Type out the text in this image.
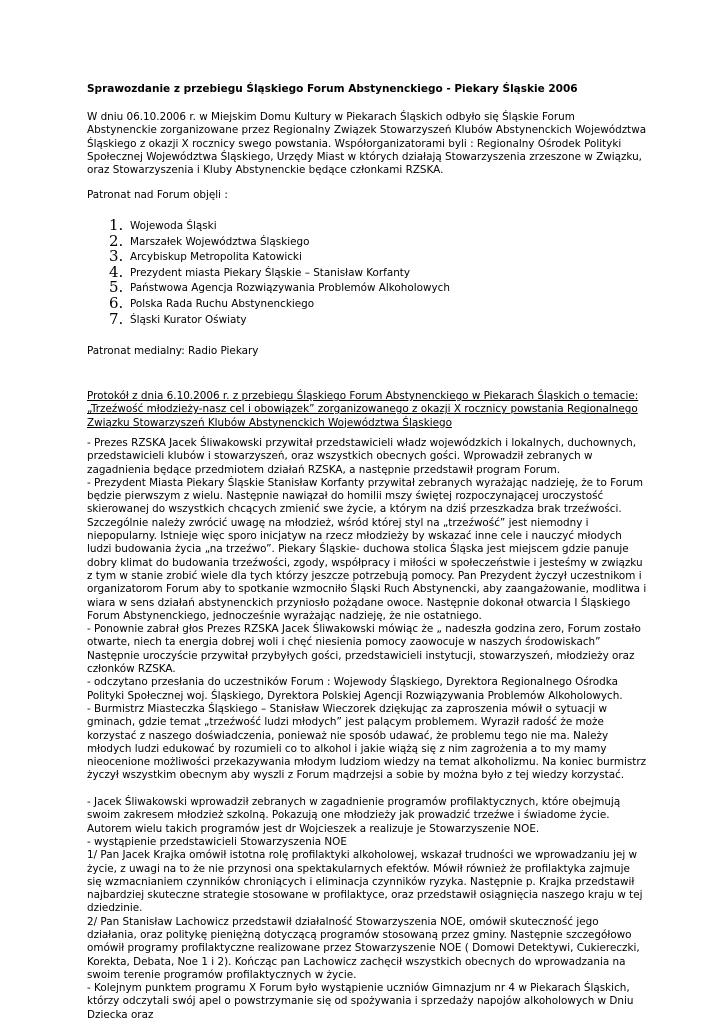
Sprawozdanie z przebiegu Śląskiego Forum Abstynenckiego - Piekary Śląskie 2006

W dniu 06.10.2006 r. w Miejskim Domu Kultury w Piekarach Śląskich odbyło się Śląskie Forum Abstynenckie zorganizowane przez Regionalny Związek Stowarzyszeń Klubów Abstynenckich Województwa Śląskiego z okazji X rocznicy swego powstania. Współorganizatorami byli : Regionalny Ośrodek Polityki Społecznej Województwa Śląskiego, Urzędy Miast w których działają Stowarzyszenia zrzeszone w Związku, oraz Stowarzyszenia i Kluby Abstynenckie będące członkami RZSKA.

Patronat nad Forum objęli :
1. Wojewoda Śląski
2. Marszałek Województwa Śląskiego
3. Arcybiskup Metropolita Katowicki
4. Prezydent miasta Piekary Śląskie – Stanisław Korfanty
5. Państwowa Agencja Rozwiązywania Problemów Alkoholowych
6. Polska Rada Ruchu Abstynenckiego
7. Śląski Kurator Oświaty
Patronat medialny: Radio Piekary

Protokół z dnia 6.10.2006 r. z przebiegu Śląskiego Forum Abstynenckiego w Piekarach Śląskich o temacie: „Trzeźwość młodzieży-nasz cel i obowiązek” zorganizowanego z okazji X rocznicy powstania Regionalnego Związku Stowarzyszeń Klubów Abstynenckich Województwa Śląskiego

- Prezes RZSKA Jacek Śliwakowski przywitał przedstawicieli władz wojewódzkich i lokalnych, duchownych, przedstawicieli klubów i stowarzyszeń, oraz wszystkich obecnych gości. Wprowadził zebranych w zagadnienia będące przedmiotem działań RZSKA, a następnie przedstawił program Forum.

- Prezydent Miasta Piekary Śląskie Stanisław Korfanty przywitał zebranych wyrażając nadzieję, że to Forum będzie pierwszym z wielu. Następnie nawiązał do homilii mszy świętej rozpoczynającej uroczystość skierowanej do wszystkich chcących zmienić swe życie, a którym na dziś przeszkadza brak trzeźwości. Szczególnie należy zwrócić uwagę na młodzież, wśród której styl na „trzeźwość” jest niemodny i niepopularny. Istnieje więc sporo inicjatyw na rzecz młodzieży by wskazać inne cele i nauczyć młodych ludzi budowania życia „na trzeźwo”. Piekary Śląskie- duchowa stolica Śląska jest miejscem gdzie panuje dobry klimat do budowania trzeźwości, zgody, współpracy i miłości w społeczeństwie i jesteśmy w związku z tym w stanie zrobić wiele dla tych którzy jeszcze potrzebują pomocy. Pan Prezydent życzył uczestnikom i organizatorom Forum aby to spotkanie wzmocniło Śląski Ruch Abstynencki, aby zaangażowanie, modlitwa i wiara w sens działań abstynenckich przyniosło pożądane owoce. Następnie dokonał otwarcia I Śląskiego Forum Abstynenckiego, jednocześnie wyrażając nadzieję, że nie ostatniego.

- Ponownie zabrał głos Prezes RZSKA Jacek Śliwakowski mówiąc że „ nadeszła godzina zero, Forum zostało otwarte, niech ta energia dobrej woli i chęć niesienia pomocy zaowocuje w naszych środowiskach” Następnie uroczyście przywitał przybyłych gości, przedstawicieli instytucji, stowarzyszeń, młodzieży oraz członków RZSKA.

- odczytano przesłania do uczestników Forum : Wojewody Śląskiego, Dyrektora Regionalnego Ośrodka Polityki Społecznej woj. Śląskiego, Dyrektora Polskiej Agencji Rozwiązywania Problemów Alkoholowych.

- Burmistrz Miasteczka Śląskiego – Stanisław Wieczorek dziękując za zaproszenia mówił o sytuacji w gminach, gdzie temat „trzeźwość ludzi młodych” jest palącym problemem. Wyraził radość że może korzystać z naszego doświadczenia, ponieważ nie sposób udawać, że problemu tego nie ma. Należy młodych ludzi edukować by rozumieli co to alkohol i jakie wiążą się z nim zagrożenia a to my mamy nieocenione możliwości przekazywania młodym ludziom wiedzy na temat alkoholizmu. Na koniec burmistrz życzył wszystkim obecnym aby wyszli z Forum mądrzejsi a sobie by można było z tej wiedzy korzystać.

- Jacek Śliwakowski wprowadził zebranych w zagadnienie programów profilaktycznych, które obejmują swoim zakresem młodzież szkolną. Pokazują one młodzieży jak prowadzić trzeźwe i świadome życie. Autorem wielu takich programów jest dr Wojcieszek a realizuje je Stowarzyszenie NOE.

- wystąpienie przedstawicieli Stowarzyszenia NOE

1/ Pan Jacek Krajka omówił istotna rolę profilaktyki alkoholowej, wskazał trudności we wprowadzaniu jej w życie, z uwagi na to że nie przynosi ona spektakularnych efektów. Mówił również że profilaktyka zajmuje się wzmacnianiem czynników chroniących i eliminacja czynników ryzyka. Następnie p. Krajka przedstawił najbardziej skuteczne strategie stosowane w profilaktyce, oraz przedstawił osiągnięcia naszego kraju w tej dziedzinie.

2/ Pan Stanisław Lachowicz przedstawił działalność Stowarzyszenia NOE, omówił skuteczność jego działania, oraz politykę pieniężną dotyczącą programów stosowaną przez gminy. Następnie szczegółowo omówił programy profilaktyczne realizowane przez Stowarzyszenie NOE ( Domowi Detektywi, Cukiereczki, Korekta, Debata, Noe 1 i 2). Kończąc pan Lachowicz zachęcił wszystkich obecnych do wprowadzania na swoim terenie programów profilaktycznych w życie.

- Kolejnym punktem programu X Forum było wystąpienie uczniów Gimnazjum nr 4 w Piekarach Śląskich, którzy odczytali swój apel o powstrzymanie się od spożywania i sprzedaży napojów alkoholowych w Dniu Dziecka oraz
